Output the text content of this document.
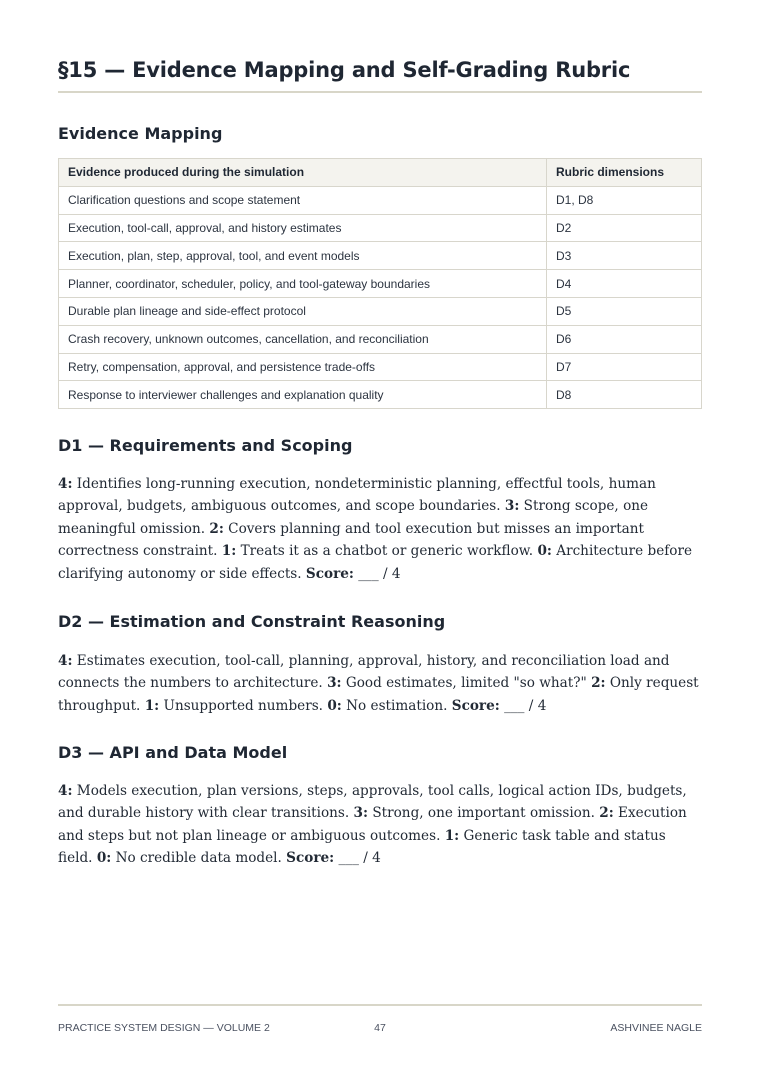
§15 — Evidence Mapping and Self-Grading Rubric
Evidence Mapping
Evidence produced during the simulation	Rubric dimensions
Clarification questions and scope statement	D1, D8
Execution, tool-call, approval, and history estimates	D2
Execution, plan, step, approval, tool, and event models	D3
Planner, coordinator, scheduler, policy, and tool-gateway boundaries	D4
Durable plan lineage and side-effect protocol	D5
Crash recovery, unknown outcomes, cancellation, and reconciliation	D6
Retry, compensation, approval, and persistence trade-offs	D7
Response to interviewer challenges and explanation quality	D8
D1 — Requirements and Scoping

4: Identifies long-running execution, nondeterministic planning, effectful tools, human approval, budgets, ambiguous outcomes, and scope boundaries. 3: Strong scope, one meaningful omission. 2: Covers planning and tool execution but misses an important correctness constraint. 1: Treats it as a chatbot or generic workflow. 0: Architecture before clarifying autonomy or side effects. Score: ___ / 4

D2 — Estimation and Constraint Reasoning

4: Estimates execution, tool-call, planning, approval, history, and reconciliation load and connects the numbers to architecture. 3: Good estimates, limited "so what?" 2: Only request throughput. 1: Unsupported numbers. 0: No estimation. Score: ___ / 4

D3 — API and Data Model

4: Models execution, plan versions, steps, approvals, tool calls, logical action IDs, budgets, and durable history with clear transitions. 3: Strong, one important omission. 2: Execution and steps but not plan lineage or ambiguous outcomes. 1: Generic task table and status field. 0: No credible data model. Score: ___ / 4

PRACTICE SYSTEM DESIGN — VOLUME 2	47	ASHVINEE NAGLE
